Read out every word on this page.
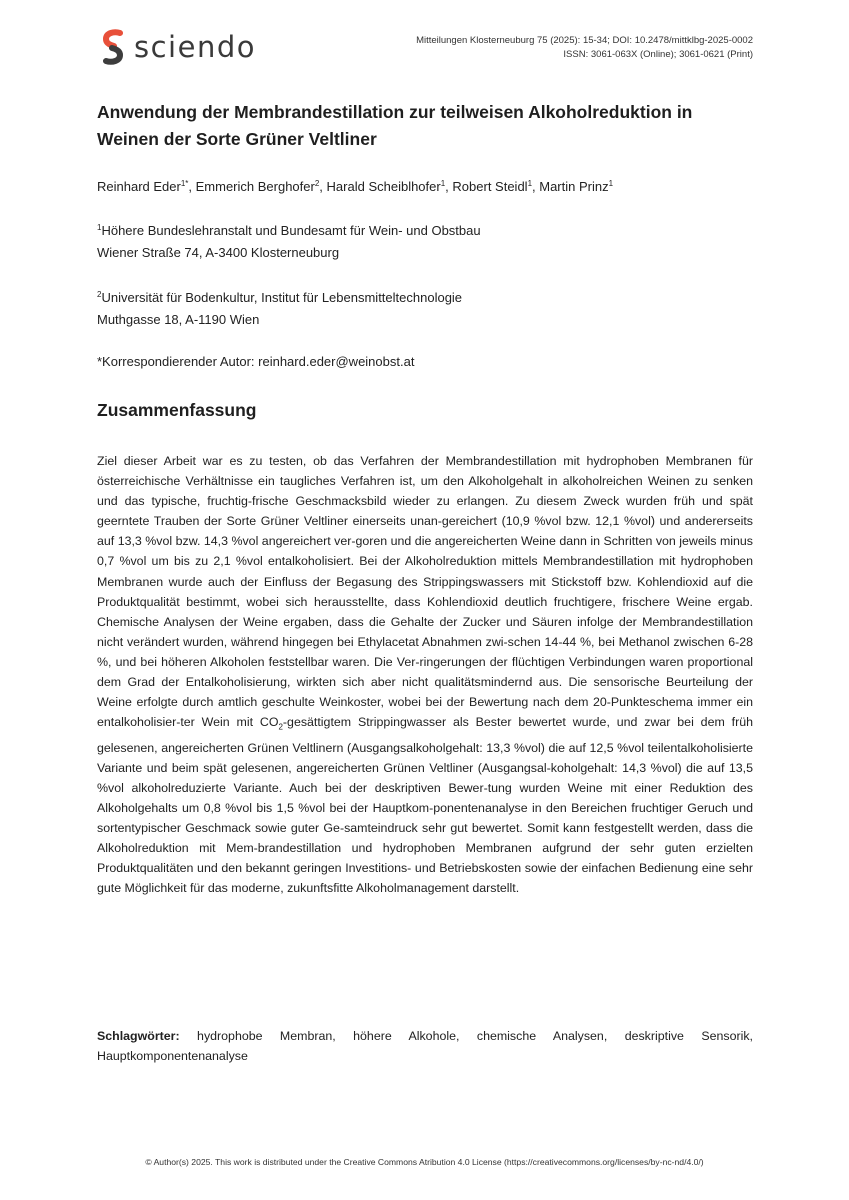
sciendo	Mitteilungen Klosterneuburg 75 (2025): 15-34; DOI: 10.2478/mittklbg-2025-0002
ISSN: 3061-063X (Online); 3061-0621 (Print)
Anwendung der Membrandestillation zur teilweisen Alkoholreduktion in Weinen der Sorte Grüner Veltliner
Reinhard Eder$^{1*}$, Emmerich Berghofer$^2$, Harald Scheiblhofer$^1$, Robert Steidl$^1$, Martin Prinz$^1$
$^1$Höhere Bundeslehranstalt und Bundesamt für Wein- und Obstbau
Wiener Straße 74, A-3400 Klosterneuburg
$^2$Universität für Bodenkultur, Institut für Lebensmitteltechnologie
Muthgasse 18, A-1190 Wien
*Korrespondierender Autor: reinhard.eder@weinobst.at
Zusammenfassung

Ziel dieser Arbeit war es zu testen, ob das Verfahren der Membrandestillation mit hydrophoben Membranen für österreichische Verhältnisse ein taugliches Verfahren ist, um den Alkoholgehalt in alkoholreichen Weinen zu senken und das typische, fruchtig-frische Geschmacksbild wieder zu erlangen. Zu diesem Zweck wurden früh und spät geerntete Trauben der Sorte Grüner Veltliner einerseits unan-gereichert (10,9 %vol bzw. 12,1 %vol) und andererseits auf 13,3 %vol bzw. 14,3 %vol angereichert ver-goren und die angereicherten Weine dann in Schritten von jeweils minus 0,7 %vol um bis zu 2,1 %vol entalkoholisiert. Bei der Alkoholreduktion mittels Membrandestillation mit hydrophoben Membranen wurde auch der Einfluss der Begasung des Strippingswassers mit Stickstoff bzw. Kohlendioxid auf die Produktqualität bestimmt, wobei sich herausstellte, dass Kohlendioxid deutlich fruchtigere, frischere Weine ergab. Chemische Analysen der Weine ergaben, dass die Gehalte der Zucker und Säuren infolge der Membrandestillation nicht verändert wurden, während hingegen bei Ethylacetat Abnahmen zwi-schen 14-44 %, bei Methanol zwischen 6-28 %, und bei höheren Alkoholen feststellbar waren. Die Ver-ringerungen der flüchtigen Verbindungen waren proportional dem Grad der Entalkoholisierung, wirkten sich aber nicht qualitätsmindernd aus. Die sensorische Beurteilung der Weine erfolgte durch amtlich geschulte Weinkoster, wobei bei der Bewertung nach dem 20-Punkteschema immer ein entalkoholisier-ter Wein mit $CO_2$-gesättigtem Strippingwasser als Bester bewertet wurde, und zwar bei dem früh gelesenen, angereicherten Grünen Veltlinern (Ausgangsalkoholgehalt: 13,3 %vol) die auf 12,5 %vol teilentalkoholisierte Variante und beim spät gelesenen, angereicherten Grünen Veltliner (Ausgangsal-koholgehalt: 14,3 %vol) die auf 13,5 %vol alkoholreduzierte Variante. Auch bei der deskriptiven Bewer-tung wurden Weine mit einer Reduktion des Alkoholgehalts um 0,8 %vol bis 1,5 %vol bei der Hauptkom-ponentenanalyse in den Bereichen fruchtiger Geruch und sortentypischer Geschmack sowie guter Ge-samteindruck sehr gut bewertet. Somit kann festgestellt werden, dass die Alkoholreduktion mit Mem-brandestillation und hydrophoben Membranen aufgrund der sehr guten erzielten Produktqualitäten und den bekannt geringen Investitions- und Betriebskosten sowie der einfachen Bedienung eine sehr gute Möglichkeit für das moderne, zukunftsfitte Alkoholmanagement darstellt.

Schlagwörter: hydrophobe Membran, höhere Alkohole, chemische Analysen, deskriptive Sensorik, Hauptkomponentenanalyse

© Author(s) 2025. This work is distributed under the Creative Commons Atribution 4.0 License (https://creativecommons.org/licenses/by-nc-nd/4.0/)
